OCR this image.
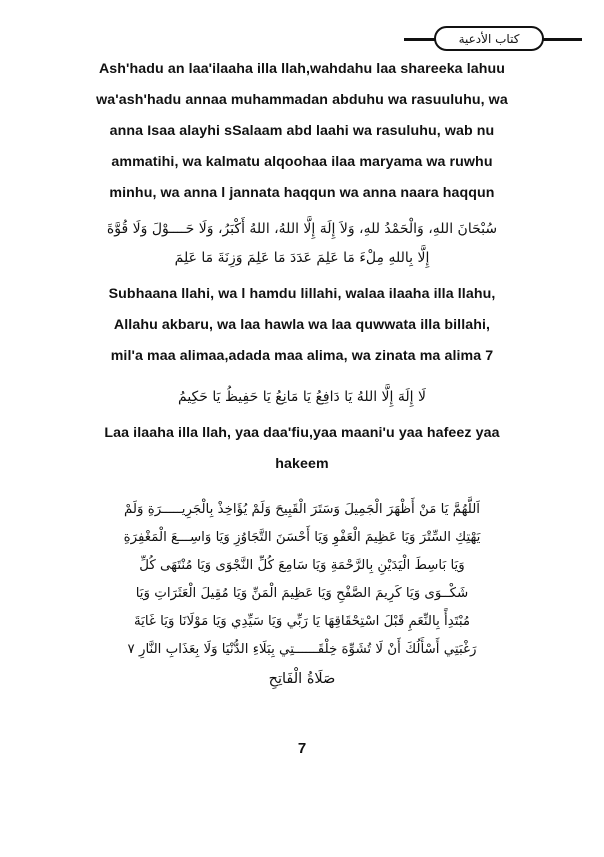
كتاب الأدعية
Ash'hadu an laa'ilaaha illa llah,wahdahu laa shareeka lahuu
wa'ash'hadu annaa muhammadan abduhu wa rasuuluhu, wa
anna Isaa alayhi sSalaam abd laahi wa rasuluhu, wab nu
ammatihi, wa kalmatu alqoohaa ilaa maryama wa ruwhu
minhu, wa anna l jannata haqqun wa anna naara haqqun
سُبْحَانَ اللهِ، وَالْحَمْدُ للهِ، وَلاَ إِلَهَ إِلَّا اللهُ، اللهُ أَكْبَرُ، وَلَا حَــــوْلَ وَلَا قُوَّةَ
إِلَّا بِاللهِ مِلْءَ مَا عَلِمَ عَدَدَ مَا عَلِمَ وَزِنَةَ مَا عَلِمَ
Subhaana llahi, wa l hamdu lillahi, walaa ilaaha illa llahu,
Allahu akbaru, wa laa hawla wa laa quwwata illa billahi,
mil'a maa alimaa,adada maa alima, wa zinata ma alima 7
لَا إِلَهَ إِلَّا اللهُ يَا دَافِعُ يَا مَانِعُ يَا حَفِيظُ يَا حَكِيمُ
Laa ilaaha illa llah, yaa daa'fiu,yaa maani'u yaa hafeez yaa
hakeem
اَللَّهُمَّ يَا مَنْ أَظْهَرَ الْجَمِيلَ وَسَتَرَ الْقَبِيحَ وَلَمْ يُؤَاخِذْ بِالْجَرِيـــــرَةِ وَلَمْ
يَهْتِكِ السِّتْرَ وَيَا عَظِيمَ الْعَفْوِ وَيَا أَحْسَنَ التَّجَاوُزِ وَيَا وَاسِـــعَ الْمَغْفِرَةِ
وَيَا بَاسِطَ الْيَدَيْنِ بِالرَّحْمَةِ وَيَا سَامِعَ كُلِّ النَّجْوَى وَيَا مُنْتَهَى كُلِّ
شَكْــوَى وَيَا كَرِيمَ الصَّفْحِ وَيَا عَظِيمَ الْمَنِّ وَيَا مُقِيلَ الْعَثَرَاتِ وَيَا
مُبْتَدِأً بِالنِّعَمِ قَبْلَ اسْتِحْقَاقِهَا يَا رَبِّي وَيَا سَيِّدِي وَيَا مَوْلَانَا وَيَا غَايَةَ
رَغْبَتِي أَسْأَلُكَ أَنْ لَا تُشَوِّهَ خِلْقَــــــتِي بِبَلَاءِ الدُّنْيَا وَلَا بِعَذَابِ النَّارِ ٧
صَلَاةُ الْفَاتِحِ
7
